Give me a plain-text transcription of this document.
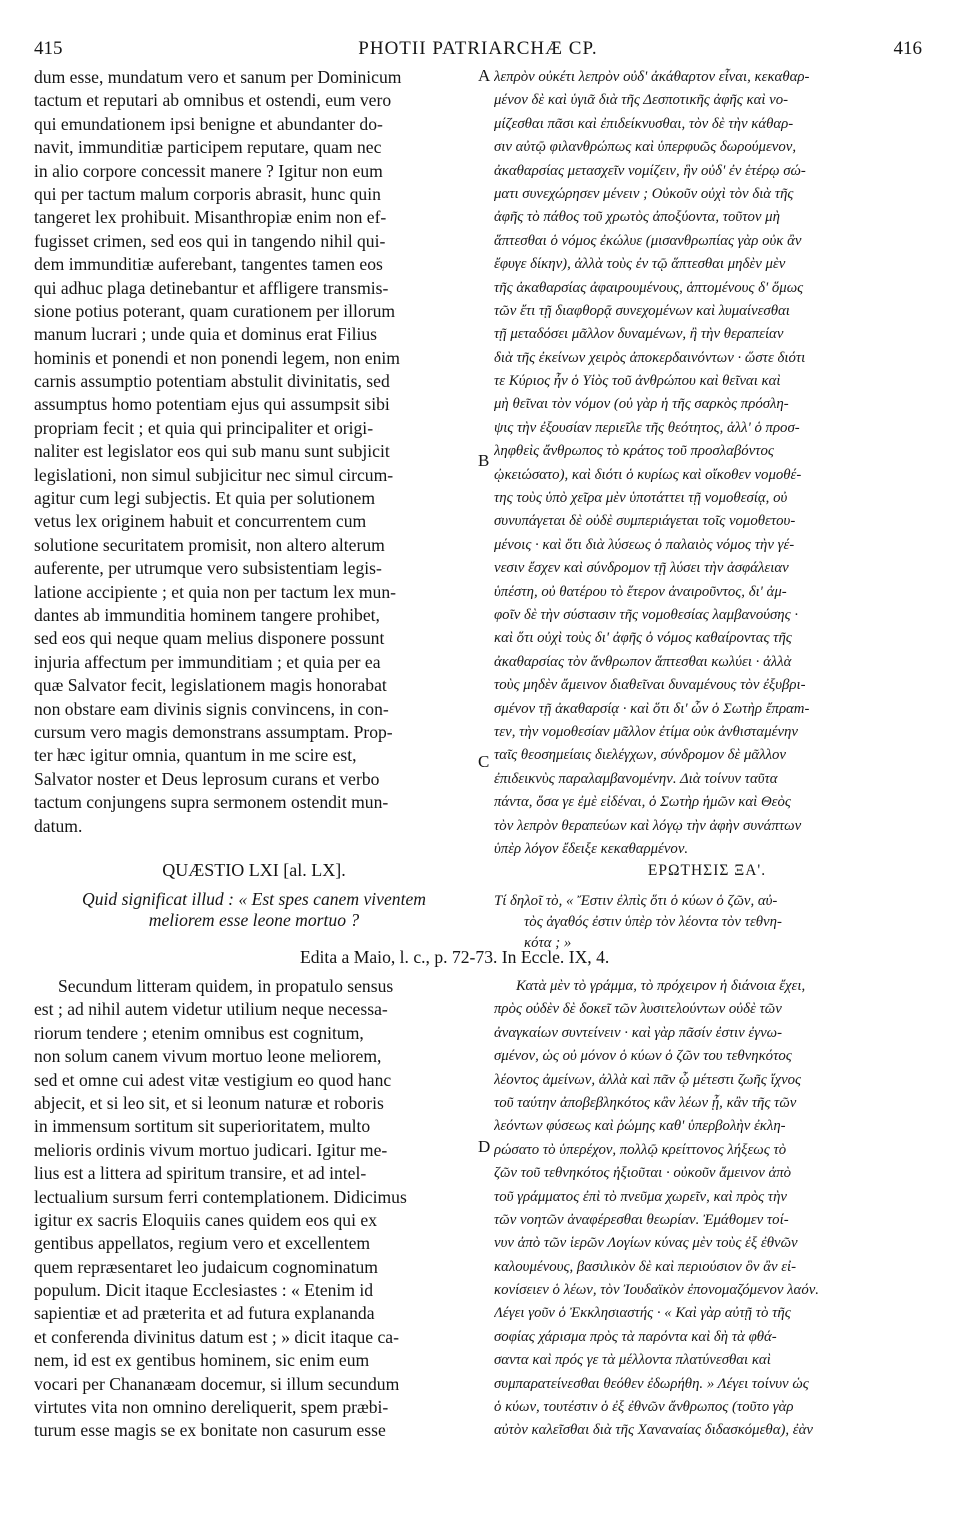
415	PHOTII PATRIARCHÆ CP.	416
dum esse, mundatum vero et sanum per Dominicum
tactum et reputari ab omnibus et ostendi, eum vero
qui emundationem ipsi benigne et abundanter do-
navit, immunditiæ participem reputare, quam nec
in alio corpore concessit manere ? Igitur non eum
qui per tactum malum corporis abrasit, hunc quin
tangeret lex prohibuit. Misanthropiæ enim non ef-
fugisset crimen, sed eos qui in tangendo nihil qui-
dem immunditiæ auferebant, tangentes tamen eos
qui adhuc plaga detinebantur et affligere transmis-
sione potius poterant, quam curationem per illorum
manum lucrari ; unde quia et dominus erat Filius
hominis et ponendi et non ponendi legem, non enim
carnis assumptio potentiam abstulit divinitatis, sed
assumptus homo potentiam ejus qui assumpsit sibi
propriam fecit ; et quia qui principaliter et origi-
naliter est legislator eos qui sub manu sunt subjicit
legislationi, non simul subjicitur nec simul circum-
agitur cum legi subjectis. Et quia per solutionem
vetus lex originem habuit et concurrentem cum
solutione securitatem promisit, non altero alterum
auferente, per utrumque vero subsistentiam legis-
latione accipiente ; et quia non per tactum lex mun-
dantes ab immunditia hominem tangere prohibet,
sed eos qui neque quam melius disponere possunt
injuria affectum per immunditiam ; et quia per ea
quæ Salvator fecit, legislationem magis honorabat
non obstare eam divinis signis convincens, in con-
cursum vero magis demonstrans assumptam. Prop-
ter hæc igitur omnia, quantum in me scire est,
Salvator noster et Deus leprosum curans et verbo
tactum conjungens supra sermonem ostendit mun-
datum.
λεπρὸν οὐκέτι λεπρὸν οὐδ' ἀκάθαρτον εἶναι, κεκαθαρ-
μένον δὲ καὶ ὑγιᾶ διὰ τῆς Δεσποτικῆς ἀφῆς καὶ νο-
μίζεσθαι πᾶσι καὶ ἐπιδείκνυσθαι, τὸν δὲ τὴν κάθαρ-
σιν αὐτῷ φιλανθρώπως καὶ ὑπερφυῶς δωρούμενον,
ἀκαθαρσίας μετασχεῖν νομίζειν, ἣν οὐδ' ἐν ἑτέρῳ σώ-
ματι συνεχώρησεν μένειν ; Οὐκοῦν οὐχὶ τὸν διὰ τῆς
ἀφῆς τὸ πάθος τοῦ χρωτὸς ἀποξύοντα, τοῦτον μὴ
ἅπτεσθαι ὁ νόμος ἐκώλυε (μισανθρωπίας γὰρ οὐκ ἂν
ἔφυγε δίκην), ἀλλὰ τοὺς ἐν τῷ ἅπτεσθαι μηδὲν μὲν
τῆς ἀκαθαρσίας ἀφαιρουμένους, ἁπτομένους δ' ὅμως
τῶν ἔτι τῇ διαφθορᾷ συνεχομένων καὶ λυμαίνεσθαι
τῇ μεταδόσει μᾶλλον δυναμένων, ἢ τὴν θεραπείαν
διὰ τῆς ἐκείνων χειρὸς ἀποκερδαινόντων · ὥστε διότι
τε Κύριος ἦν ὁ Υἱὸς τοῦ ἀνθρώπου καὶ θεῖναι καὶ
μὴ θεῖναι τὸν νόμον (οὐ γὰρ ἡ τῆς σαρκὸς πρόσλη-
ψις τὴν ἐξουσίαν περιεῖλε τῆς θεότητος, ἀλλ' ὁ προσ-
ληφθεὶς ἄνθρωπος τὸ κράτος τοῦ προσλαβόντος
ᾠκειώσατο), καὶ διότι ὁ κυρίως καὶ οἴκοθεν νομοθέ-
της τοὺς ὑπὸ χεῖρα μὲν ὑποτάττει τῇ νομοθεσίᾳ, οὐ
συνυπάγεται δὲ οὐδὲ συμπεριάγεται τοῖς νομοθετου-
μένοις · καὶ ὅτι διὰ λύσεως ὁ παλαιὸς νόμος τὴν γέ-
νεσιν ἔσχεν καὶ σύνδρομον τῇ λύσει τὴν ἀσφάλειαν
ὑπέστη, οὐ θατέρου τὸ ἕτερον ἀναιροῦντος, δι' ἀμ-
φοῖν δὲ τὴν σύστασιν τῆς νομοθεσίας λαμβανούσης ·
καὶ ὅτι οὐχὶ τοὺς δι' ἀφῆς ὁ νόμος καθαίροντας τῆς
ἀκαθαρσίας τὸν ἄνθρωπον ἅπτεσθαι κωλύει · ἀλλὰ
τοὺς μηδὲν ἄμεινον διαθεῖναι δυναμένους τὸν ἐξυβρι-
σμένον τῇ ἀκαθαρσίᾳ · καὶ ὅτι δι' ὧν ὁ Σωτὴρ ἔπραт-
τεν, τὴν νομοθεσίαν μᾶλλον ἐτίμα οὐκ ἀνθισταμένην
ταῖς θεοσημείαις διελέγχων, σύνδρομον δὲ μᾶλλον
ἐπιδεικνὺς παραλαμβανομένην. Διὰ τοίνυν ταῦτα
πάντα, ὅσα γε ἐμὲ εἰδέναι, ὁ Σωτὴρ ἡμῶν καὶ Θεὸς
τὸν λεπρὸν θεραπεύων καὶ λόγῳ τὴν ἀφὴν συνάπτων
ὑπὲρ λόγον ἔδειξε κεκαθαρμένον.
A
B
C
D
QUÆSTIO LXI [al. LX].
Quid significat illud : « Est spes canem viventem
meliorem esse leone mortuo ?
ΕΡΩΤΗΣΙΣ ΞΑ'.
Τί δηλοῖ τὸ, « Ἔστιν ἐλπὶς ὅτι ὁ κύων ὁ ζῶν, αὐ-
τὸς ἀγαθός ἐστιν ὑπὲρ τὸν λέοντα τὸν τεθνη-
κότα ; »
Edita a Maio, l. c., p. 72-73. In Eccle. IX, 4.
Secundum litteram quidem, in propatulo sensus
est ; ad nihil autem videtur utilium neque necessa-
riorum tendere ; etenim omnibus est cognitum,
non solum canem vivum mortuo leone meliorem,
sed et omne cui adest vitæ vestigium eo quod hanc
abjecit, et si leo sit, et si leonum naturæ et roboris
in immensum sortitum sit superioritatem, multo
melioris ordinis vivum mortuo judicari. Igitur me-
lius est a littera ad spiritum transire, et ad intel-
lectualium sursum ferri contemplationem. Didicimus
igitur ex sacris Eloquiis canes quidem eos qui ex
gentibus appellatos, regium vero et excellentem
quem repræsentaret leo judaicum cognominatum
populum. Dicit itaque Ecclesiastes : « Etenim id
sapientiæ et ad præterita et ad futura explananda
et conferenda divinitus datum est ; » dicit itaque ca-
nem, id est ex gentibus hominem, sic enim eum
vocari per Chananæam docemur, si illum secundum
virtutes vita non omnino dereliquerit, spem præbi-
turum esse magis se ex bonitate non casurum esse
Κατὰ μὲν τὸ γράμμα, τὸ πρόχειρον ἡ διάνοια ἔχει,
πρὸς οὐδὲν δὲ δοκεῖ τῶν λυσιτελούντων οὐδὲ τῶν
ἀναγκαίων συντείνειν · καὶ γὰρ πᾶσίν ἐστιν ἐγνω-
σμένον, ὡς οὐ μόνον ὁ κύων ὁ ζῶν του τεθνηκότος
λέοντος ἀμείνων, ἀλλὰ καὶ πᾶν ᾧ μέτεστι ζωῆς ἴχνος
τοῦ ταύτην ἀποβεβληκότος κἂν λέων ᾖ, κἂν τῆς τῶν
λεόντων φύσεως καὶ ῥώμης καθ' ὑπερβολὴν ἐκλη-
ρώσατο τὸ ὑπερέχον, πολλῷ κρείττονος λήξεως τὸ
ζῶν τοῦ τεθνηκότος ἠξιοῦται · οὐκοῦν ἄμεινον ἀπὸ
τοῦ γράμματος ἐπὶ τὸ πνεῦμα χωρεῖν, καὶ πρὸς τὴν
τῶν νοητῶν ἀναφέρεσθαι θεωρίαν. Ἐμάθομεν τοί-
νυν ἀπὸ τῶν ἱερῶν Λογίων κύνας μὲν τοὺς ἐξ ἐθνῶν
καλουμένους, βασιλικὸν δὲ καὶ περιούσιον ὃν ἂν εἰ-
κονίσειεν ὁ λέων, τὸν Ἰουδαϊκὸν ἐπονομαζόμενον λαόν.
Λέγει γοῦν ὁ Ἐκκλησιαστής · « Καὶ γὰρ αὐτῇ τὸ τῆς
σοφίας χάρισμα πρὸς τὰ παρόντα καὶ δὴ τὰ φθά-
σαντα καὶ πρός γε τὰ μέλλοντα πλατύνεσθαι καὶ
συμπαρατείνεσθαι θεόθεν ἐδωρήθη. » Λέγει τοίνυν ὡς
ὁ κύων, τουτέστιν ὁ ἐξ ἐθνῶν ἄνθρωπος (τοῦτο γὰρ
αὐτὸν καλεῖσθαι διὰ τῆς Χαναναίας διδασκόμεθα), ἐὰν
